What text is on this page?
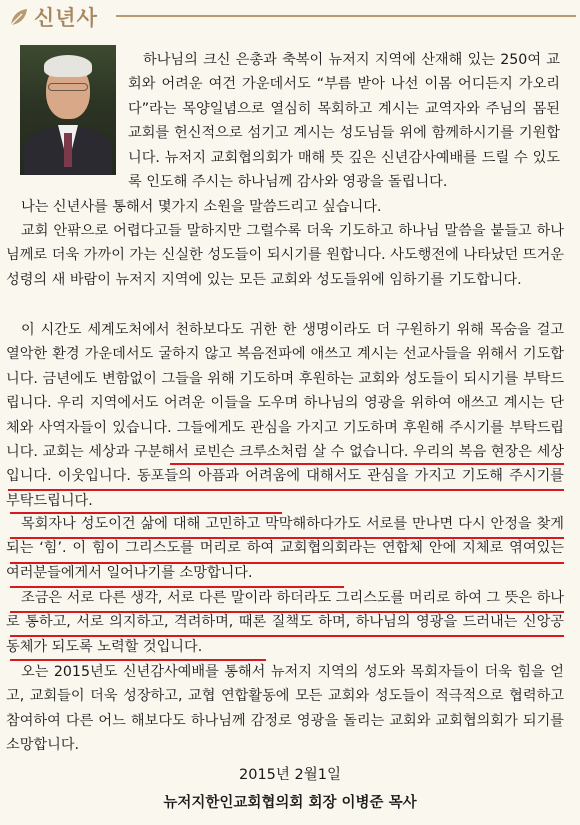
신년사

하나님의 크신 은총과 축복이 뉴저지 지역에 산재해 있는 250여 교회와 어려운 여건 가운데서도 “부름 받아 나선 이몸 어디든지 가오리다”라는 목양일념으로 열심히 목회하고 계시는 교역자와 주님의 몸된 교회를 헌신적으로 섬기고 계시는 성도님들 위에 함께하시기를 기원합니다. 뉴저지 교회협의회가 매해 뜻 깊은 신년감사예배를 드릴 수 있도록 인도해 주시는 하나님께 감사와 영광을 돌립니다.

나는 신년사를 통해서 몇가지 소원을 말씀드리고 싶습니다.

교회 안팎으로 어렵다고들 말하지만 그럴수록 더욱 기도하고 하나님 말씀을 붙들고 하나님께로 더욱 가까이 가는 신실한 성도들이 되시기를 원합니다. 사도행전에 나타났던 뜨거운 성령의 새 바람이 뉴저지 지역에 있는 모든 교회와 성도들위에 임하기를 기도합니다.

이 시간도 세계도처에서 천하보다도 귀한 한 생명이라도 더 구원하기 위해 목숨을 걸고 열악한 환경 가운데서도 굴하지 않고 복음전파에 애쓰고 계시는 선교사들을 위해서 기도합니다. 금년에도 변함없이 그들을 위해 기도하며 후원하는 교회와 성도들이 되시기를 부탁드립니다. 우리 지역에서도 어려운 이들을 도우며 하나님의 영광을 위하여 애쓰고 계시는 단체와 사역자들이 있습니다. 그들에게도 관심을 가지고 기도하며 후원해 주시기를 부탁드립니다. 교회는 세상과 구분해서 로빈슨 크루소처럼 살 수 없습니다. 우리의 복음 현장은 세상입니다. 이웃입니다. 동포들의 아픔과 어려움에 대해서도 관심을 가지고 기도해 주시기를 부탁드립니다.

목회자나 성도이건 삶에 대해 고민하고 막막해하다가도 서로를 만나면 다시 안정을 찾게 되는 ‘힘’. 이 힘이 그리스도를 머리로 하여 교회협의회라는 연합체 안에 지체로 엮여있는 여러분들에게서 일어나기를 소망합니다.

조금은 서로 다른 생각, 서로 다른 말이라 하더라도 그리스도를 머리로 하여 그 뜻은 하나로 통하고, 서로 의지하고, 격려하며, 때론 질책도 하며, 하나님의 영광을 드러내는 신앙공동체가 되도록 노력할 것입니다.

오는 2015년도 신년감사예배를 통해서 뉴저지 지역의 성도와 목회자들이 더욱 힘을 얻고, 교회들이 더욱 성장하고, 교협 연합활동에 모든 교회와 성도들이 적극적으로 협력하고 참여하여 다른 어느 해보다도 하나님께 감정로 영광을 돌리는 교회와 교회협의회가 되기를 소망합니다.

2015년 2월1일
뉴저지한인교회협의회 회장 이병준 목사
